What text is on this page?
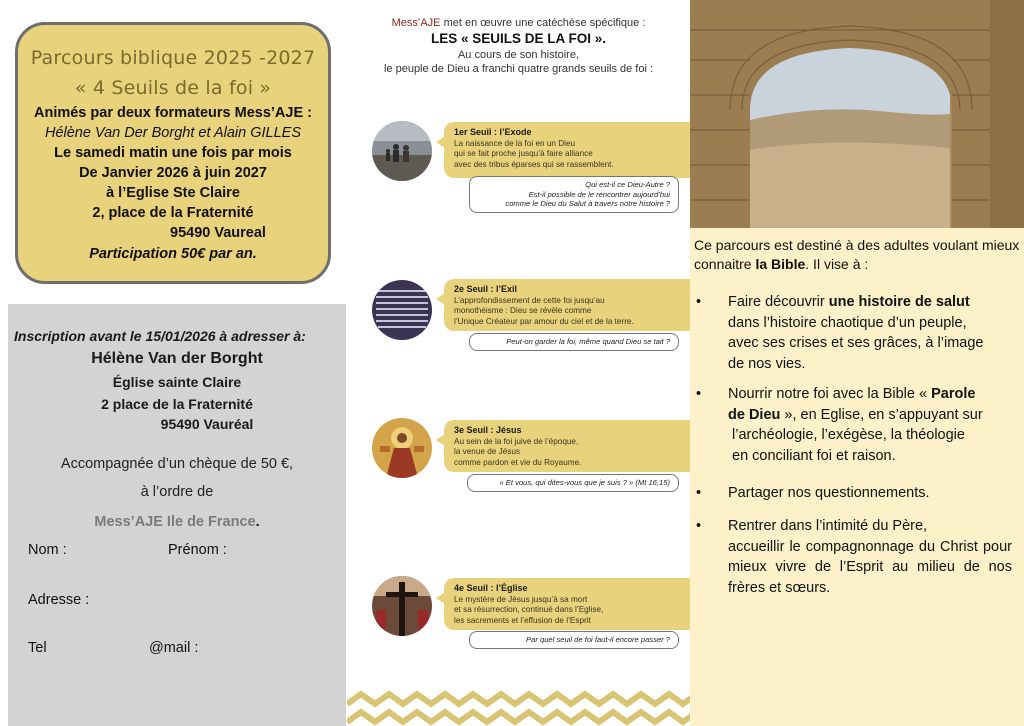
Parcours biblique 2025 -2027
« 4 Seuils de la foi »
Animés par deux formateurs Mess’AJE :
Hélène Van Der Borght et Alain GILLES
Le samedi matin une fois par mois
De Janvier 2026 à juin 2027
à l’Eglise Ste Claire
2, place de la Fraternité
95490 Vaureal
Participation 50€ par an.
Inscription avant le 15/01/2026 à adresser à:
Hélène Van der Borght
Église sainte Claire
2 place de la Fraternité
95490 Vauréal
Accompagnée d’un chèque de 50 €,
à l’ordre de
Mess’AJE Ile de France.
Nom :	Prénom :
Adresse :
Tel	@mail :
Mess’AJE met en œuvre une catéchèse spécifique :
LES « SEUILS DE LA FOI ».
Au cours de son histoire,
le peuple de Dieu a franchi quatre grands seuils de foi :
1er Seuil : l’Exode
La naissance de la foi en un Dieu
qui se fait proche jusqu’à faire alliance
avec des tribus éparses qui se rassemblent.
Qui est-il ce Dieu-Autre ?
Est-il possible de le rencontrer aujourd’hui
comme le Dieu du Salut à travers notre histoire ?
2e Seuil : l’Exil
L’approfondissement de cette foi jusqu’au
monothéisme : Dieu se révèle comme
l’Unique Créateur par amour du ciel et de la terre.
Peut-on garder la foi, même quand Dieu se tait ?
3e Seuil : Jésus
Au sein de la foi juive de l’époque,
la venue de Jésus
comme pardon et vie du Royaume.
« Et vous, qui dites-vous que je suis ? » (Mt 16,15)
4e Seuil : l’Église
Le mystère de Jésus jusqu’à sa mort
et sa résurrection, continué dans l’Eglise,
les sacrements et l’effusion de l’Esprit
Par quel seuil de foi faut-il encore passer ?
Ce parcours est destiné à des adultes voulant mieux
connaitre la Bible. Il vise à :
• Faire découvrir une histoire de salut
dans l’histoire chaotique d’un peuple,
avec ses crises et ses grâces, à l’image
de nos vies.
• Nourrir notre foi avec la Bible « Parole
de Dieu », en Eglise, en s’appuyant sur
l’archéologie, l’exégèse, la théologie
en conciliant foi et raison.
• Partager nos questionnements.
• Rentrer dans l’intimité du Père,
accueillir le compagnonnage du Christ pour mieux vivre de l’Esprit au milieu de nos frères et sœurs.
